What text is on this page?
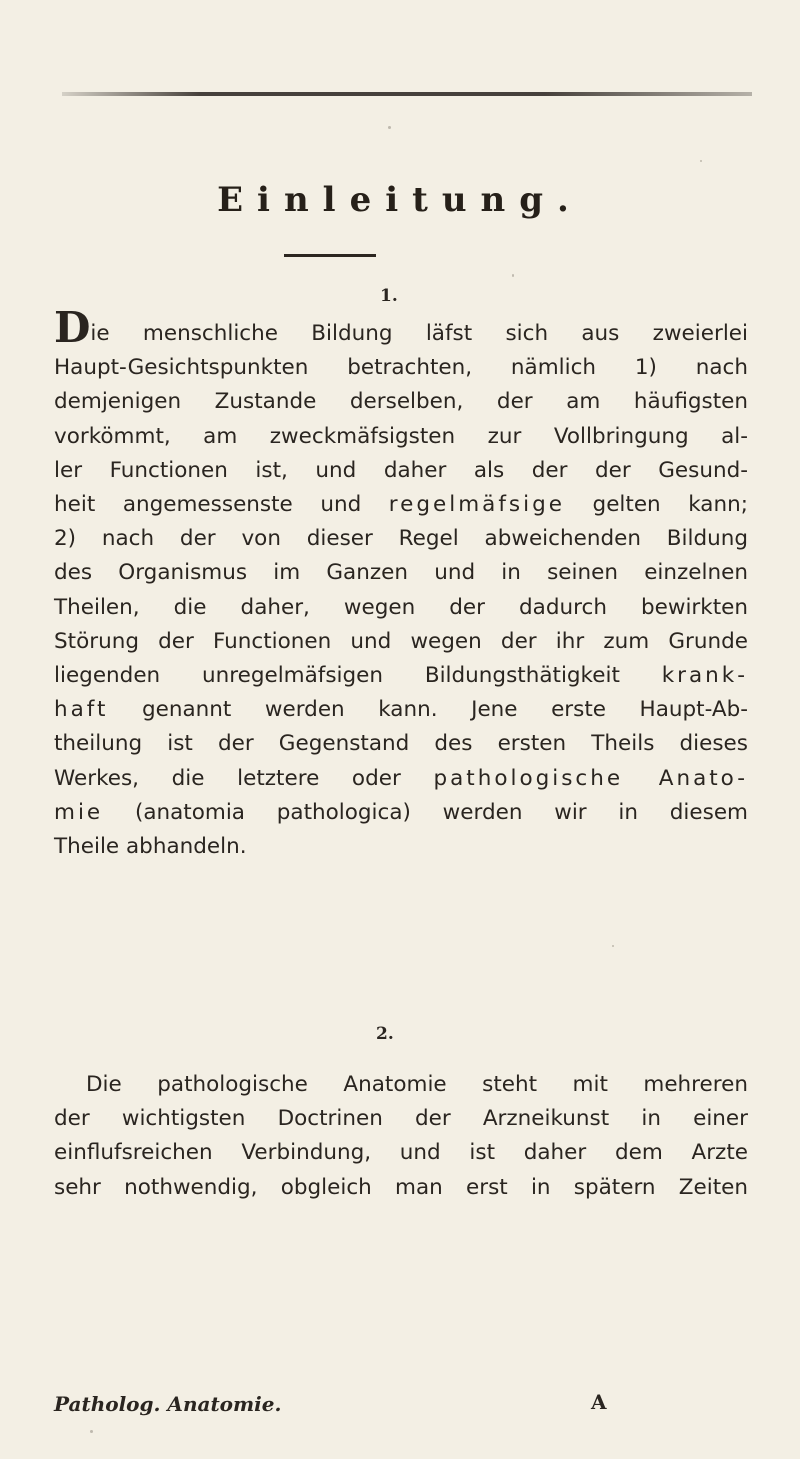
Einleitung.
1.
Die menschliche Bildung läfst sich aus zweierlei
Haupt-Gesichtspunkten betrachten, nämlich 1) nach
demjenigen Zustande derselben, der am häufigsten
vorkömmt, am zweckmäfsigsten zur Vollbringung al-
ler Functionen ist, und daher als der der Gesund-
heit angemessenste und regelmäfsige gelten kann;
2) nach der von dieser Regel abweichenden Bildung
des Organismus im Ganzen und in seinen einzelnen
Theilen, die daher, wegen der dadurch bewirkten
Störung der Functionen und wegen der ihr zum Grunde
liegenden unregelmäfsigen Bildungsthätigkeit krank-
haft genannt werden kann. Jene erste Haupt-Ab-
theilung ist der Gegenstand des ersten Theils dieses
Werkes, die letztere oder pathologische Anato-
mie (anatomia pathologica) werden wir in diesem
Theile abhandeln.
2.
Die pathologische Anatomie steht mit mehreren
der wichtigsten Doctrinen der Arzneikunst in einer
einflufsreichen Verbindung, und ist daher dem Arzte
sehr nothwendig, obgleich man erst in spätern Zeiten
Patholog. Anatomie.	A
